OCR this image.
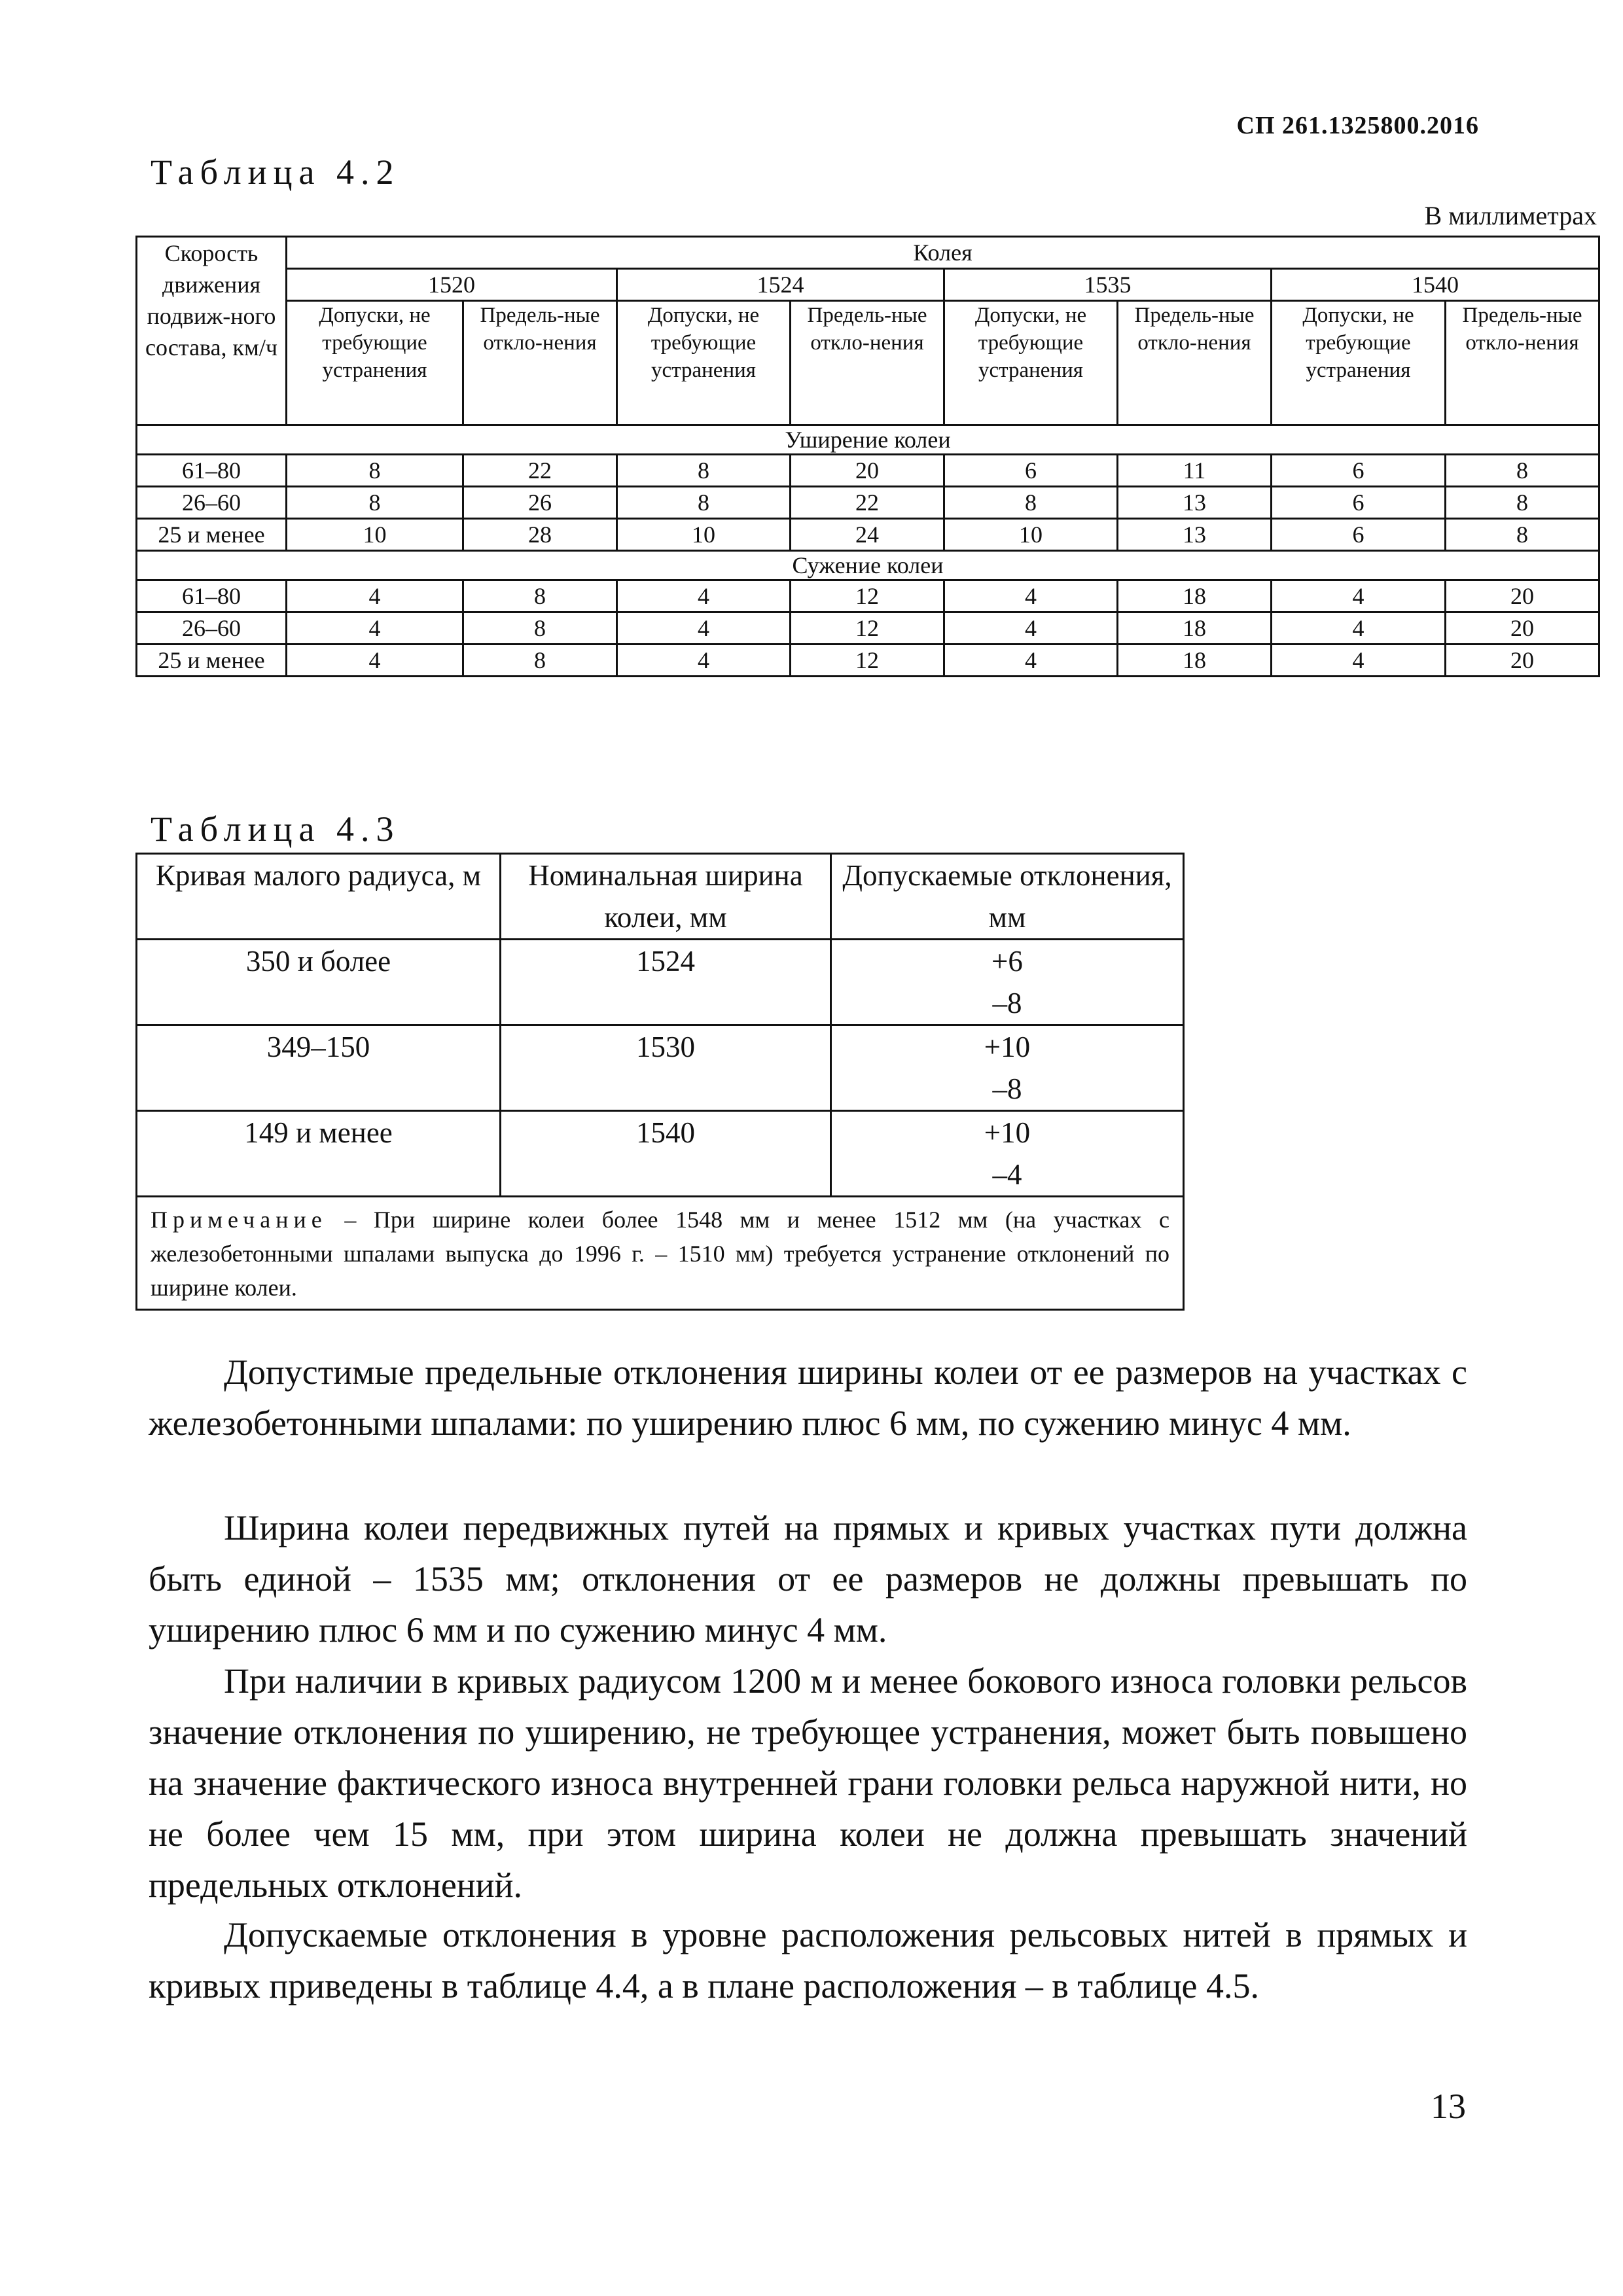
СП 261.1325800.2016
Таблица 4.2
В миллиметрах
Скорость движения подвиж-ного состава, км/ч	Колея							
	1520		1524		1535		1540	
	Допуски, не требующие устранения	Предель-ные откло-нения	Допуски, не требующие устранения	Предель-ные откло-нения	Допуски, не требующие устранения	Предель-ные откло-нения	Допуски, не требующие устранения	Предель-ные откло-нения
Уширение колеи								
61–80	8	22	8	20	6	11	6	8
26–60	8	26	8	22	8	13	6	8
25 и менее	10	28	10	24	10	13	6	8
Сужение колеи								
61–80	4	8	4	12	4	18	4	20
26–60	4	8	4	12	4	18	4	20
25 и менее	4	8	4	12	4	18	4	20
Таблица 4.3
Кривая малого радиуса, м	Номинальная ширина колеи, мм	Допускаемые отклонения, мм
350 и более	1524	+6
–8

349–150	1530	+10
–8

149 и менее	1540	+10
–4

Примечание – При ширине колеи более 1548 мм и менее 1512 мм (на участках с железобетонными шпалами выпуска до 1996 г. – 1510 мм) требуется устранение отклонений по ширине колеи.		
Допустимые предельные отклонения ширины колеи от ее размеров на участках с железобетонными шпалами: по уширению плюс 6 мм, по сужению минус 4 мм.
Ширина колеи передвижных путей на прямых и кривых участках пути должна быть единой – 1535 мм; отклонения от ее размеров не должны превышать по уширению плюс 6 мм и по сужению минус 4 мм.
При наличии в кривых радиусом 1200 м и менее бокового износа головки рельсов значение отклонения по уширению, не требующее устранения, может быть повышено на значение фактического износа внутренней грани головки рельса наружной нити, но не более чем 15 мм, при этом ширина колеи не должна превышать значений предельных отклонений.
Допускаемые отклонения в уровне расположения рельсовых нитей в прямых и кривых приведены в таблице 4.4, а в плане расположения – в таблице 4.5.
13
